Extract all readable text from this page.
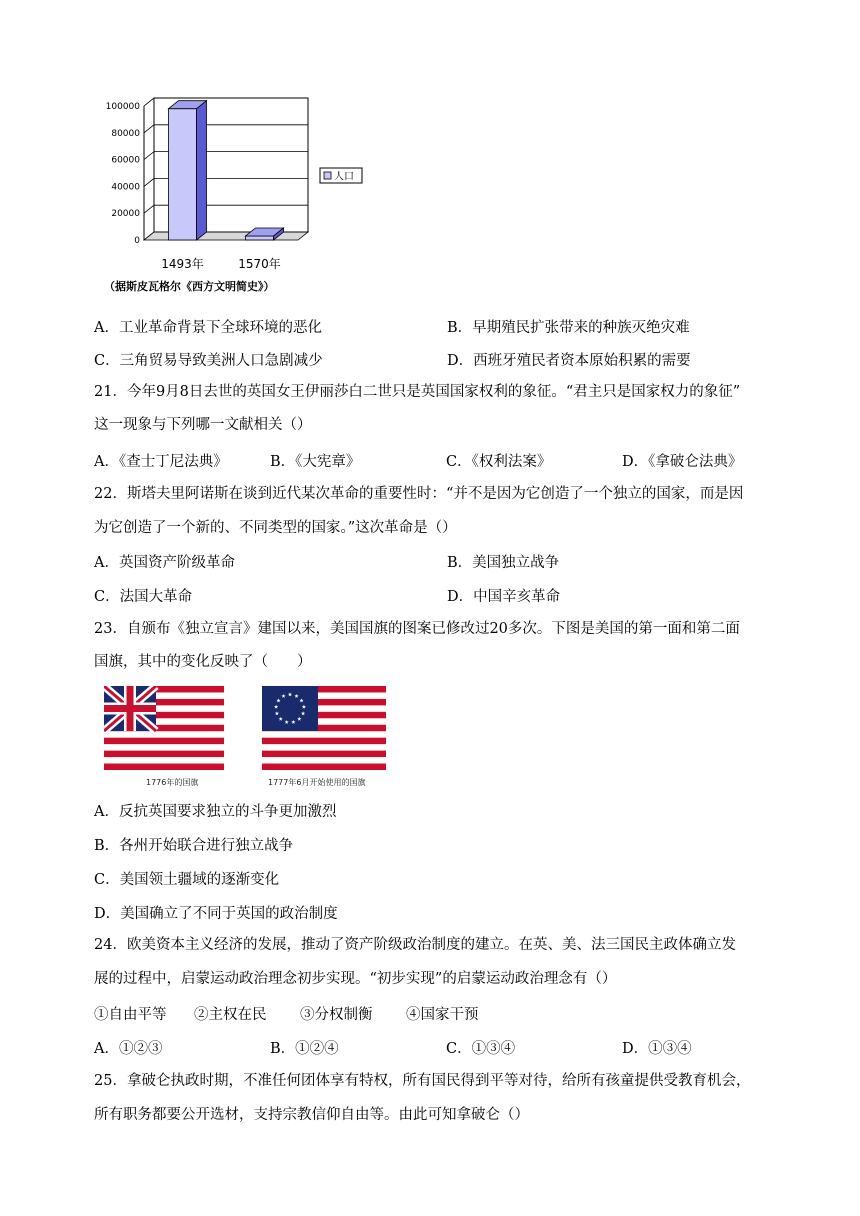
100000
80000
60000
40000
20000
0
1493年	1570年
人口
（据斯皮瓦格尔《西方文明简史》）
A．工业革命背景下全球环境的恶化	B．早期殖民扩张带来的种族灭绝灾难
C．三角贸易导致美洲人口急剧减少	D．西班牙殖民者资本原始积累的需要
21．今年9月8日去世的英国女王伊丽莎白二世只是英国国家权利的象征。“君主只是国家权力的象征”
这一现象与下列哪一文献相关（）
A．《查士丁尼法典》	B．《大宪章》	C．《权利法案》	D．《拿破仑法典》
22．斯塔夫里阿诺斯在谈到近代某次革命的重要性时：“并不是因为它创造了一个独立的国家，而是因
为它创造了一个新的、不同类型的国家。”这次革命是（）
A．英国资产阶级革命	B．美国独立战争
C．法国大革命	D．中国辛亥革命
23．自颁布《独立宣言》建国以来，美国国旗的图案已修改过20多次。下图是美国的第一面和第二面
国旗，其中的变化反映了（　　）
1776年的国旗	1777年6月开始使用的国旗
A．反抗英国要求独立的斗争更加激烈
B．各州开始联合进行独立战争
C．美国领土疆域的逐渐变化
D．美国确立了不同于英国的政治制度
24．欧美资本主义经济的发展，推动了资产阶级政治制度的建立。在英、美、法三国民主政体确立发
展的过程中，启蒙运动政治理念初步实现。“初步实现”的启蒙运动政治理念有（）
①自由平等 ②主权在民 ③分权制衡 ④国家干预
A．①②③	B．①②④	C．①③④	D．①③④
25．拿破仑执政时期，不准任何团体享有特权，所有国民得到平等对待，给所有孩童提供受教育机会，
所有职务都要公开选材，支持宗教信仰自由等。由此可知拿破仑（）
